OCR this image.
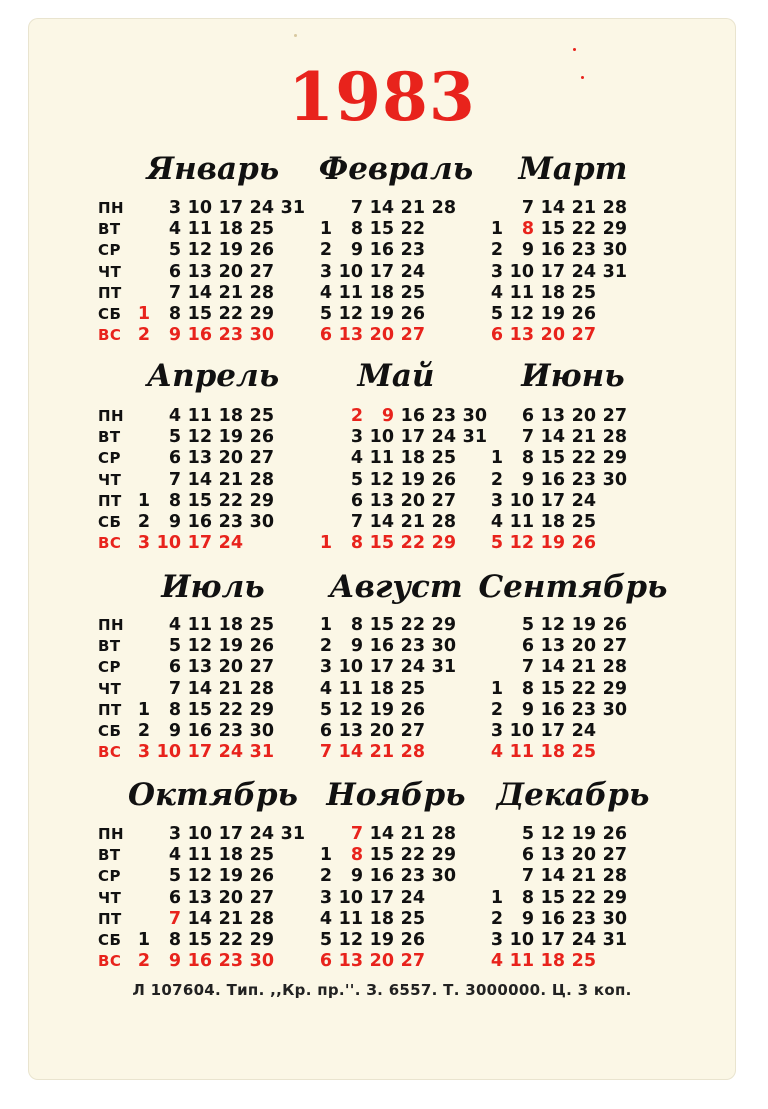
1983
Л 107604. Тип. ,,Кр. пр.''. З. 6557. Т. 3000000. Ц. 3 коп.
Январь
ПН
ВТ
СР
ЧТ
ПТ
СБ
ВС
1
2
3
4
5
6
7
8
9
10
11
12
13
14
15
16
17
18
19
20
21
22
23
24
25
26
27
28
29
30
31
Февраль
1
2
3
4
5
6
7
8
9
10
11
12
13
14
15
16
17
18
19
20
21
22
23
24
25
26
27
28
Март
1
2
3
4
5
6
7
8
9
10
11
12
13
14
15
16
17
18
19
20
21
22
23
24
25
26
27
28
29
30
31
Апрель
ПН
ВТ
СР
ЧТ
ПТ
СБ
ВС
1
2
3
4
5
6
7
8
9
10
11
12
13
14
15
16
17
18
19
20
21
22
23
24
25
26
27
28
29
30
Май
1
2
3
4
5
6
7
8
9
10
11
12
13
14
15
16
17
18
19
20
21
22
23
24
25
26
27
28
29
30
31
Июнь
1
2
3
4
5
6
7
8
9
10
11
12
13
14
15
16
17
18
19
20
21
22
23
24
25
26
27
28
29
30
Июль
ПН
ВТ
СР
ЧТ
ПТ
СБ
ВС
1
2
3
4
5
6
7
8
9
10
11
12
13
14
15
16
17
18
19
20
21
22
23
24
25
26
27
28
29
30
31
Август
1
2
3
4
5
6
7
8
9
10
11
12
13
14
15
16
17
18
19
20
21
22
23
24
25
26
27
28
29
30
31
Сентябрь
1
2
3
4
5
6
7
8
9
10
11
12
13
14
15
16
17
18
19
20
21
22
23
24
25
26
27
28
29
30
Октябрь
ПН
ВТ
СР
ЧТ
ПТ
СБ
ВС
1
2
3
4
5
6
7
8
9
10
11
12
13
14
15
16
17
18
19
20
21
22
23
24
25
26
27
28
29
30
31
Ноябрь
1
2
3
4
5
6
7
8
9
10
11
12
13
14
15
16
17
18
19
20
21
22
23
24
25
26
27
28
29
30
Декабрь
1
2
3
4
5
6
7
8
9
10
11
12
13
14
15
16
17
18
19
20
21
22
23
24
25
26
27
28
29
30
31
